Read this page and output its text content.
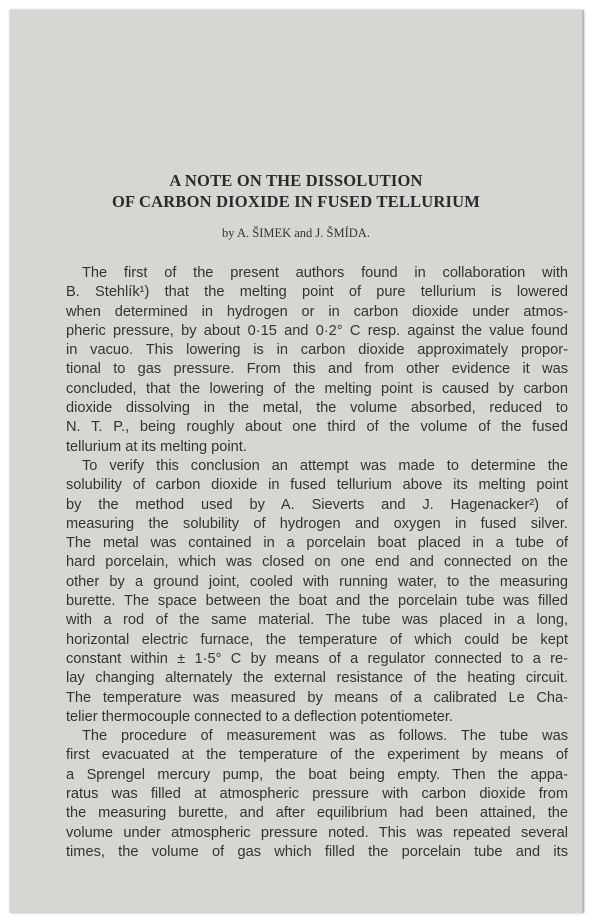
A NOTE ON THE DISSOLUTION
OF CARBON DIOXIDE IN FUSED TELLURIUM
by A. ŠIMEK and J. ŠMÍDA.
The first of the present authors found in collaboration with
B. Stehlík¹) that the melting point of pure tellurium is lowered
when determined in hydrogen or in carbon dioxide under atmos-
pheric pressure, by about 0·15 and 0·2° C resp. against the value found
in vacuo. This lowering is in carbon dioxide approximately propor-
tional to gas pressure. From this and from other evidence it was
concluded, that the lowering of the melting point is caused by carbon
dioxide dissolving in the metal, the volume absorbed, reduced to
N. T. P., being roughly about one third of the volume of the fused
tellurium at its melting point.
To verify this conclusion an attempt was made to determine the
solubility of carbon dioxide in fused tellurium above its melting point
by the method used by A. Sieverts and J. Hagenacker²) of
measuring the solubility of hydrogen and oxygen in fused silver.
The metal was contained in a porcelain boat placed in a tube of
hard porcelain, which was closed on one end and connected on the
other by a ground joint, cooled with running water, to the measuring
burette. The space between the boat and the porcelain tube was filled
with a rod of the same material. The tube was placed in a long,
horizontal electric furnace, the temperature of which could be kept
constant within ± 1·5° C by means of a regulator connected to a re-
lay changing alternately the external resistance of the heating circuit.
The temperature was measured by means of a calibrated Le Cha-
telier thermocouple connected to a deflection potentiometer.
The procedure of measurement was as follows. The tube was
first evacuated at the temperature of the experiment by means of
a Sprengel mercury pump, the boat being empty. Then the appa-
ratus was filled at atmospheric pressure with carbon dioxide from
the measuring burette, and after equilibrium had been attained, the
volume under atmospheric pressure noted. This was repeated several
times, the volume of gas which filled the porcelain tube and its
